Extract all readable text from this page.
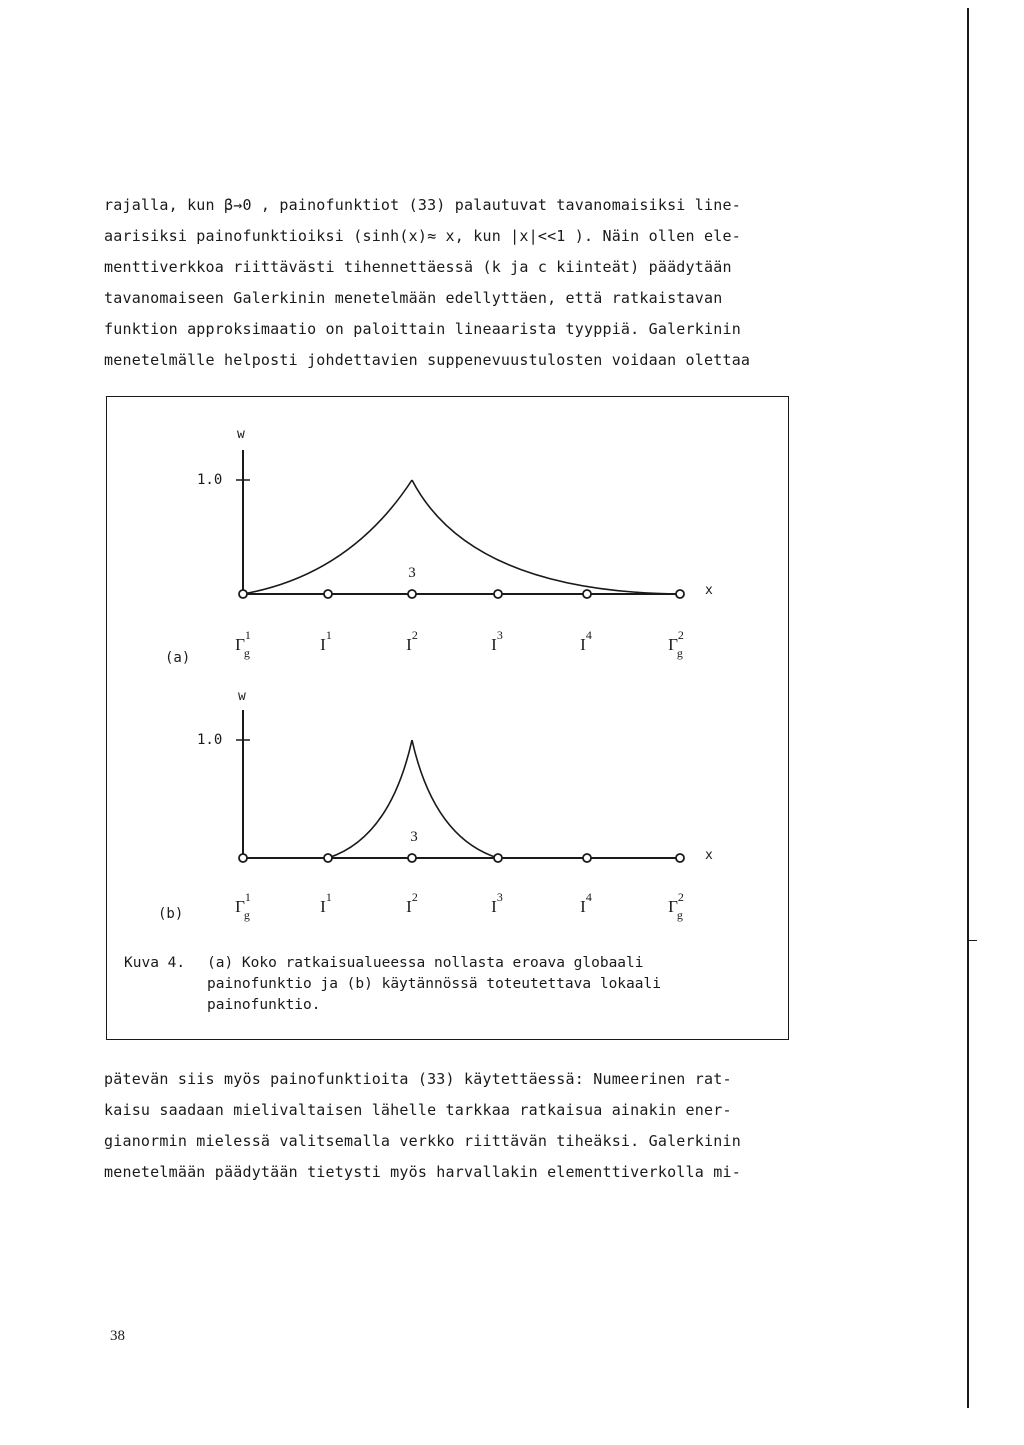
rajalla, kun β→0 , painofunktiot (33) palautuvat tavanomaisiksi line-
aarisiksi painofunktioiksi (sinh(x)≈ x, kun |x|<<1 ). Näin ollen ele-
menttiverkkoa riittävästi tihennettäessä (k ja c kiinteät) päädytään
tavanomaiseen Galerkinin menetelmään edellyttäen, että ratkaistavan
funktion approksimaatio on paloittain lineaarista tyyppiä. Galerkinin
menetelmälle helposti johdettavien suppenevuustulosten voidaan olettaa
w
1.0
x
3
(a)
$\Gamma^1$ g	$I^1$	$I^2$	$I^3$	$I^4$	$\Gamma^2$ g
w
1.0
x
3
(b)	$\Gamma^1$ g	$I^1$	$I^2$	$I^3$	$I^4$	$\Gamma^2$ g
Kuva 4. (a) Koko ratkaisualueessa nollasta eroava globaali
painofunktio ja (b) käytännössä toteutettava lokaali
painofunktio.
pätevän siis myös painofunktioita (33) käytettäessä: Numeerinen rat-
kaisu saadaan mielivaltaisen lähelle tarkkaa ratkaisua ainakin ener-
gianormin mielessä valitsemalla verkko riittävän tiheäksi. Galerkinin
menetelmään päädytään tietysti myös harvallakin elementtiverkolla mi-
38
